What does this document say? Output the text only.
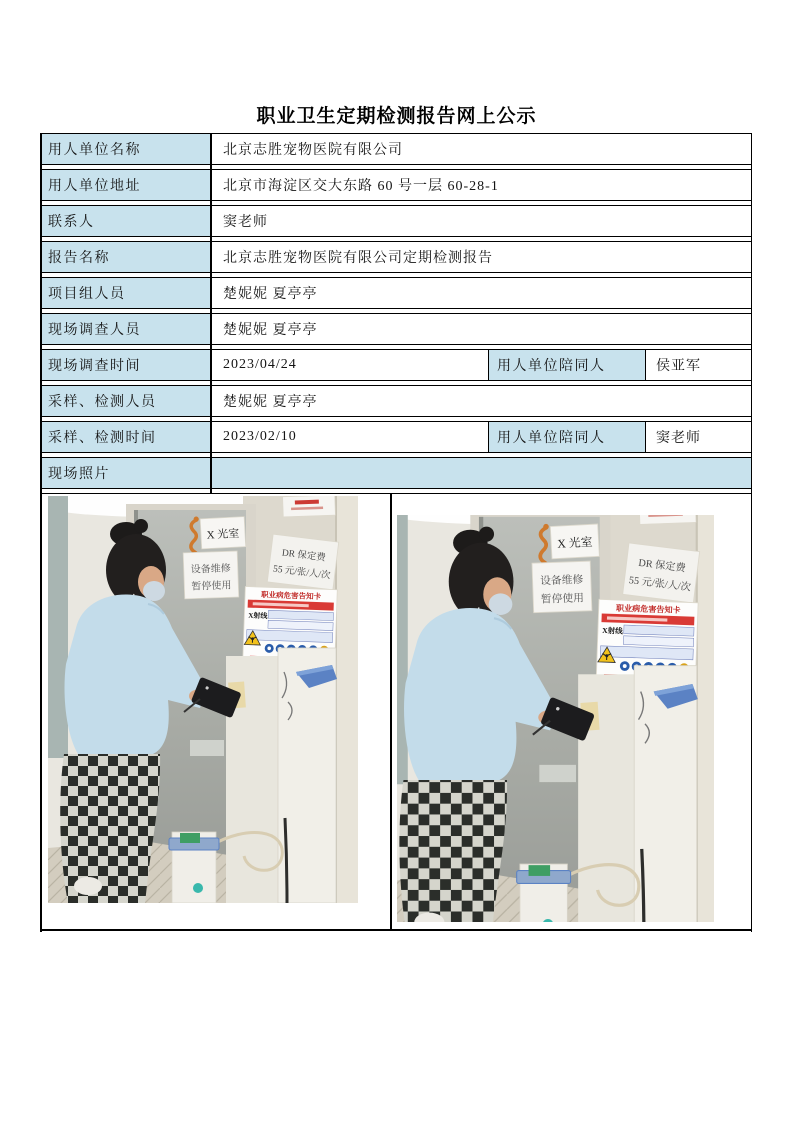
职业卫生定期检测报告网上公示
用人单位名称	北京志胜宠物医院有限公司
用人单位地址	北京市海淀区交大东路 60 号一层 60-28-1
联系人	窦老师
报告名称	北京志胜宠物医院有限公司定期检测报告
项目组人员	楚妮妮 夏亭亭
现场调查人员	楚妮妮 夏亭亭
现场调查时间	2023/04/24	用人单位陪同人	侯亚军
采样、检测人员	楚妮妮 夏亭亭
采样、检测时间	2023/02/10	用人单位陪同人	窦老师
现场照片
